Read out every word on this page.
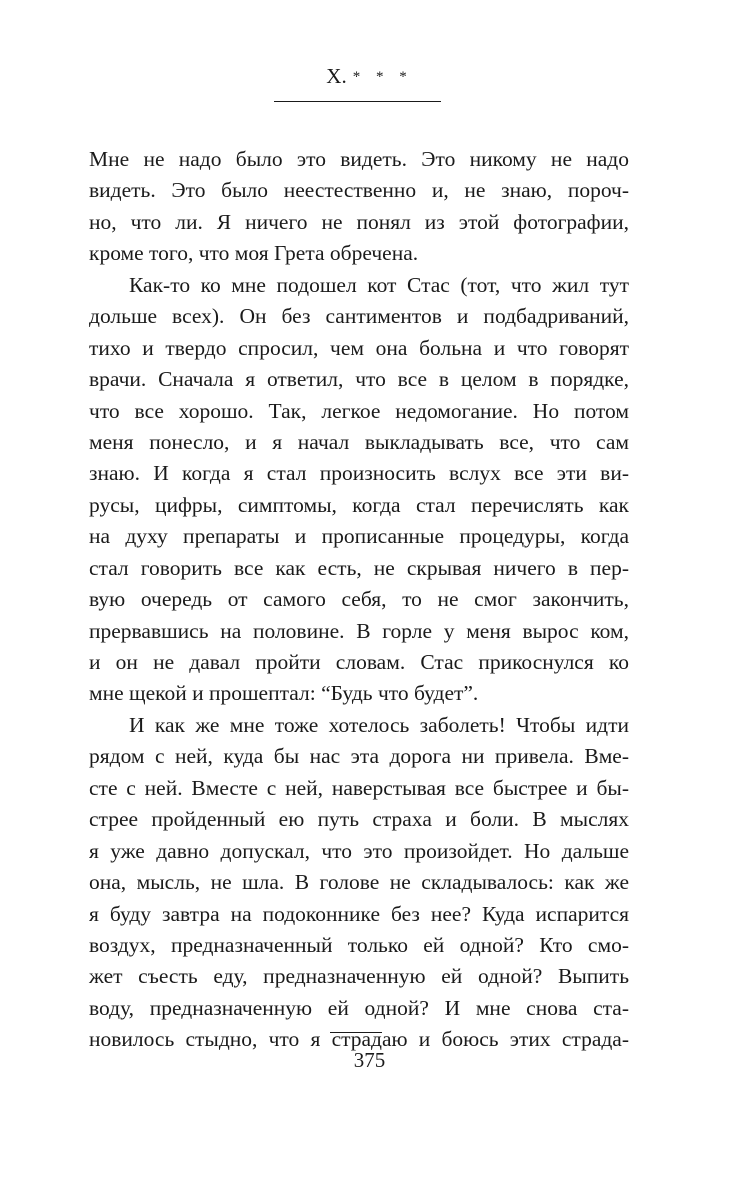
X. * * *
Мне не надо было это видеть. Это никому не надо
видеть. Это было неестественно и, не знаю, пороч-
но, что ли. Я ничего не понял из этой фотографии,
кроме того, что моя Грета обречена.
Как-то ко мне подошел кот Стас (тот, что жил тут
дольше всех). Он без сантиментов и подбадриваний,
тихо и твердо спросил, чем она больна и что говорят
врачи. Сначала я ответил, что все в целом в порядке,
что все хорошо. Так, легкое недомогание. Но потом
меня понесло, и я начал выкладывать все, что сам
знаю. И когда я стал произносить вслух все эти ви-
русы, цифры, симптомы, когда стал перечислять как
на духу препараты и прописанные процедуры, когда
стал говорить все как есть, не скрывая ничего в пер-
вую очередь от самого себя, то не смог закончить,
прервавшись на половине. В горле у меня вырос ком,
и он не давал пройти словам. Стас прикоснулся ко
мне щекой и прошептал: “Будь что будет”.
И как же мне тоже хотелось заболеть! Чтобы идти
рядом с ней, куда бы нас эта дорога ни привела. Вме-
сте с ней. Вместе с ней, наверстывая все быстрее и бы-
стрее пройденный ею путь страха и боли. В мыслях
я уже давно допускал, что это произойдет. Но дальше
она, мысль, не шла. В голове не складывалось: как же
я буду завтра на подоконнике без нее? Куда испарится
воздух, предназначенный только ей одной? Кто смо-
жет съесть еду, предназначенную ей одной? Выпить
воду, предназначенную ей одной? И мне снова ста-
новилось стыдно, что я страдаю и боюсь этих страда-
375
